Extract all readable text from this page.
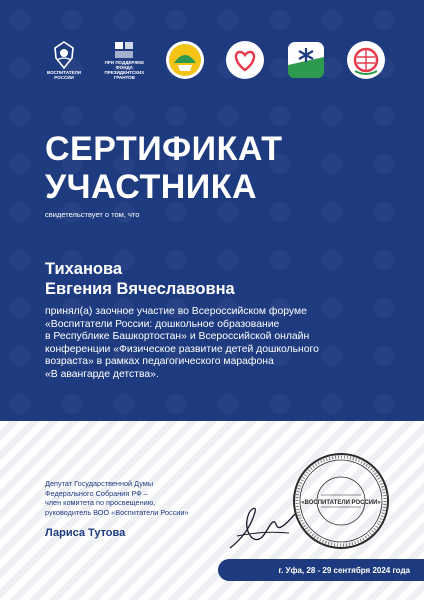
ВОСПИТАТЕЛИ РОССИИ
ПРИ ПОДДЕРЖКЕ ФОНДА ПРЕЗИДЕНТСКИХ ГРАНТОВ
СЕРТИФИКАТ
УЧАСТНИКА
свидетельствует о том, что
Тиханова
Евгения Вячеславовна
принял(а) заочное участие во Всероссийском форуме
«Воспитатели России: дошкольное образование
в Республике Башкортостан» и Всероссийской онлайн
конференции «Физическое развитие детей дошкольного
возраста» в рамках педагогического марафона
«В авангарде детства».
Депутат Государственной Думы
Федерального Собрания РФ –
член комитета по просвещению,
руководитель ВОО «Воспитатели России»
Лариса Тутова
«ВОСПИТАТЕЛИ РОССИИ»
г. Уфа, 28 - 29 сентября 2024 года
